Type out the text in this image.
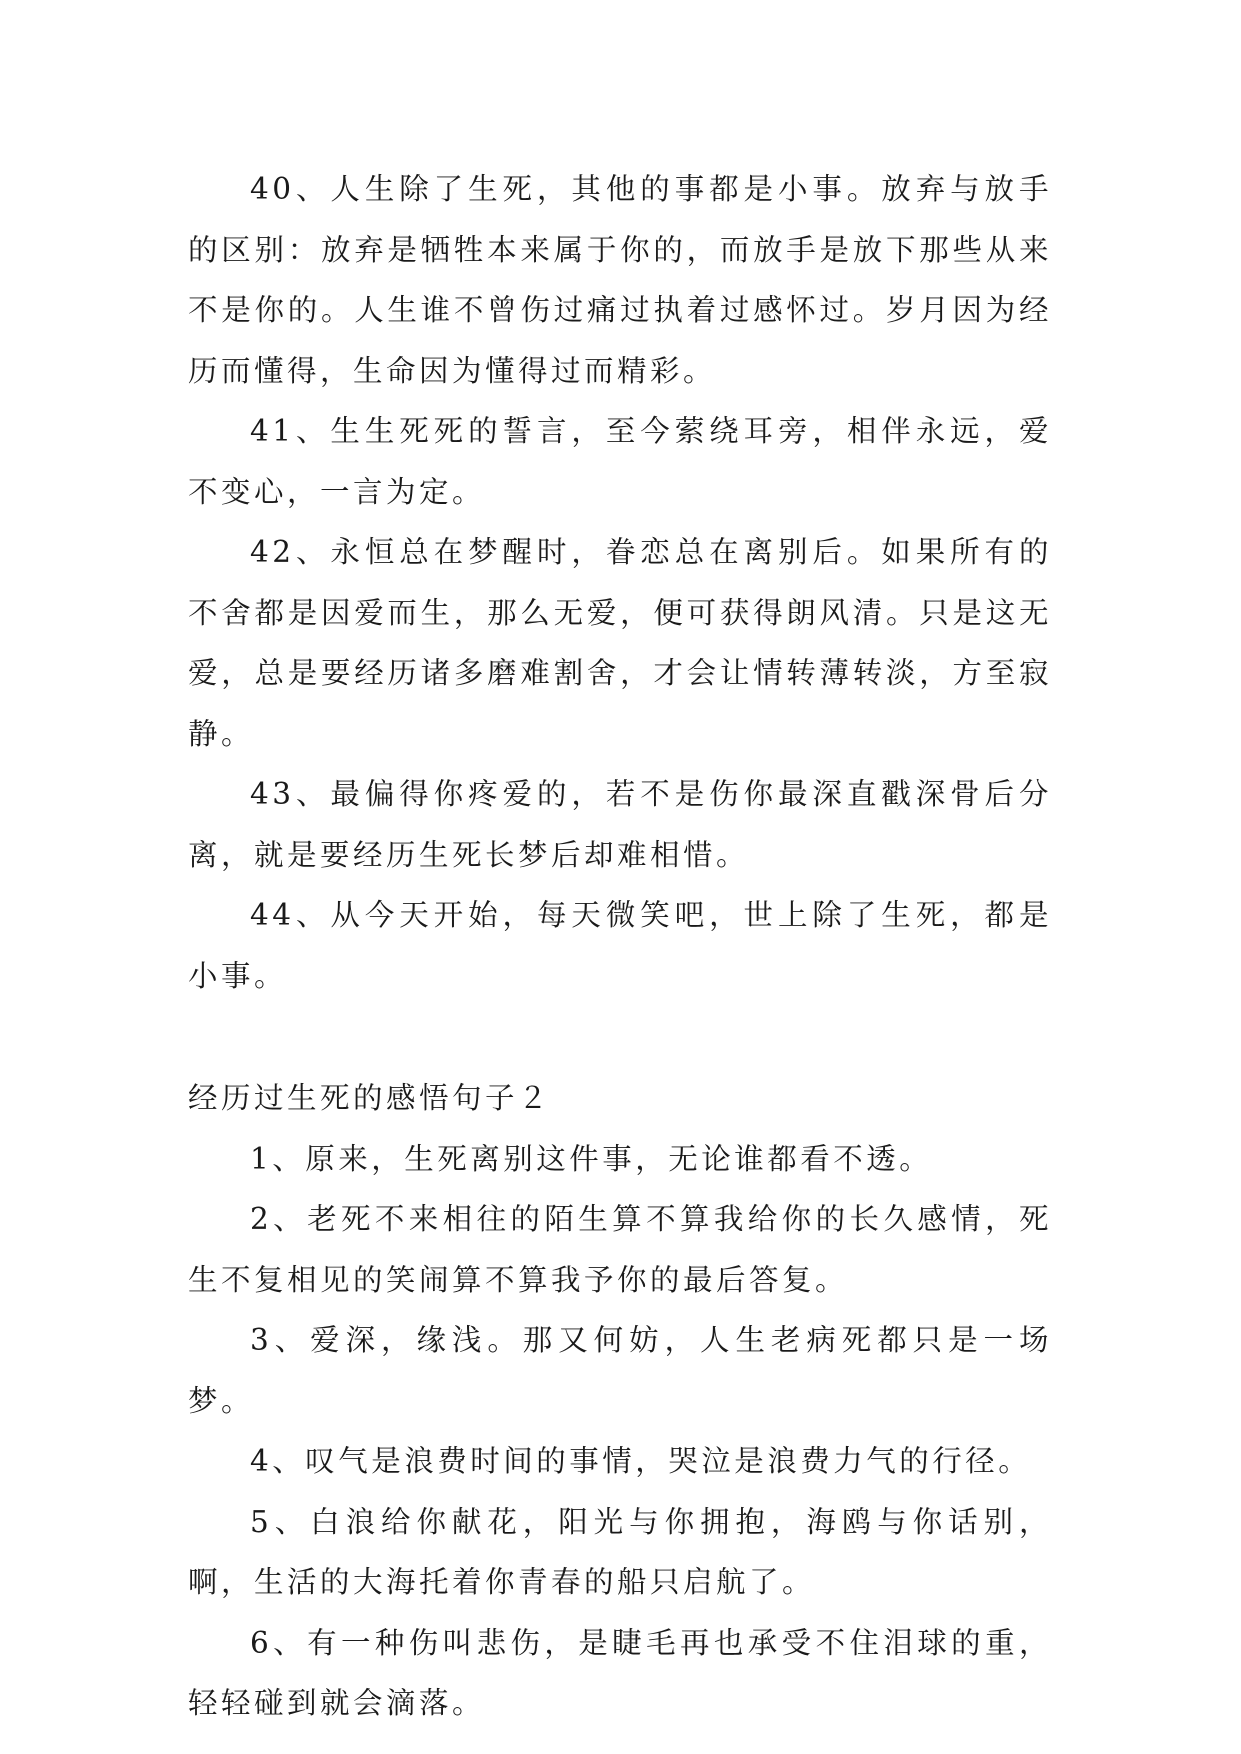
40、人生除了生死，其他的事都是小事。放弃与放手的区别：放弃是牺牲本来属于你的，而放手是放下那些从来不是你的。人生谁不曾伤过痛过执着过感怀过。岁月因为经历而懂得，生命因为懂得过而精彩。

41、生生死死的誓言，至今萦绕耳旁，相伴永远，爱不变心，一言为定。

42、永恒总在梦醒时，眷恋总在离别后。如果所有的不舍都是因爱而生，那么无爱，便可获得朗风清。只是这无爱，总是要经历诸多磨难割舍，才会让情转薄转淡，方至寂静。

43、最偏得你疼爱的，若不是伤你最深直戳深骨后分离，就是要经历生死长梦后却难相惜。

44、从今天开始，每天微笑吧，世上除了生死，都是小事。

经历过生死的感悟句子２

1、原来，生死离别这件事，无论谁都看不透。

2、老死不来相往的陌生算不算我给你的长久感情，死生不复相见的笑闹算不算我予你的最后答复。

3、爱深，缘浅。那又何妨，人生老病死都只是一场梦。

4、叹气是浪费时间的事情，哭泣是浪费力气的行径。

5、白浪给你献花，阳光与你拥抱，海鸥与你话别，啊，生活的大海托着你青春的船只启航了。

6、有一种伤叫悲伤，是睫毛再也承受不住泪球的重，轻轻碰到就会滴落。
